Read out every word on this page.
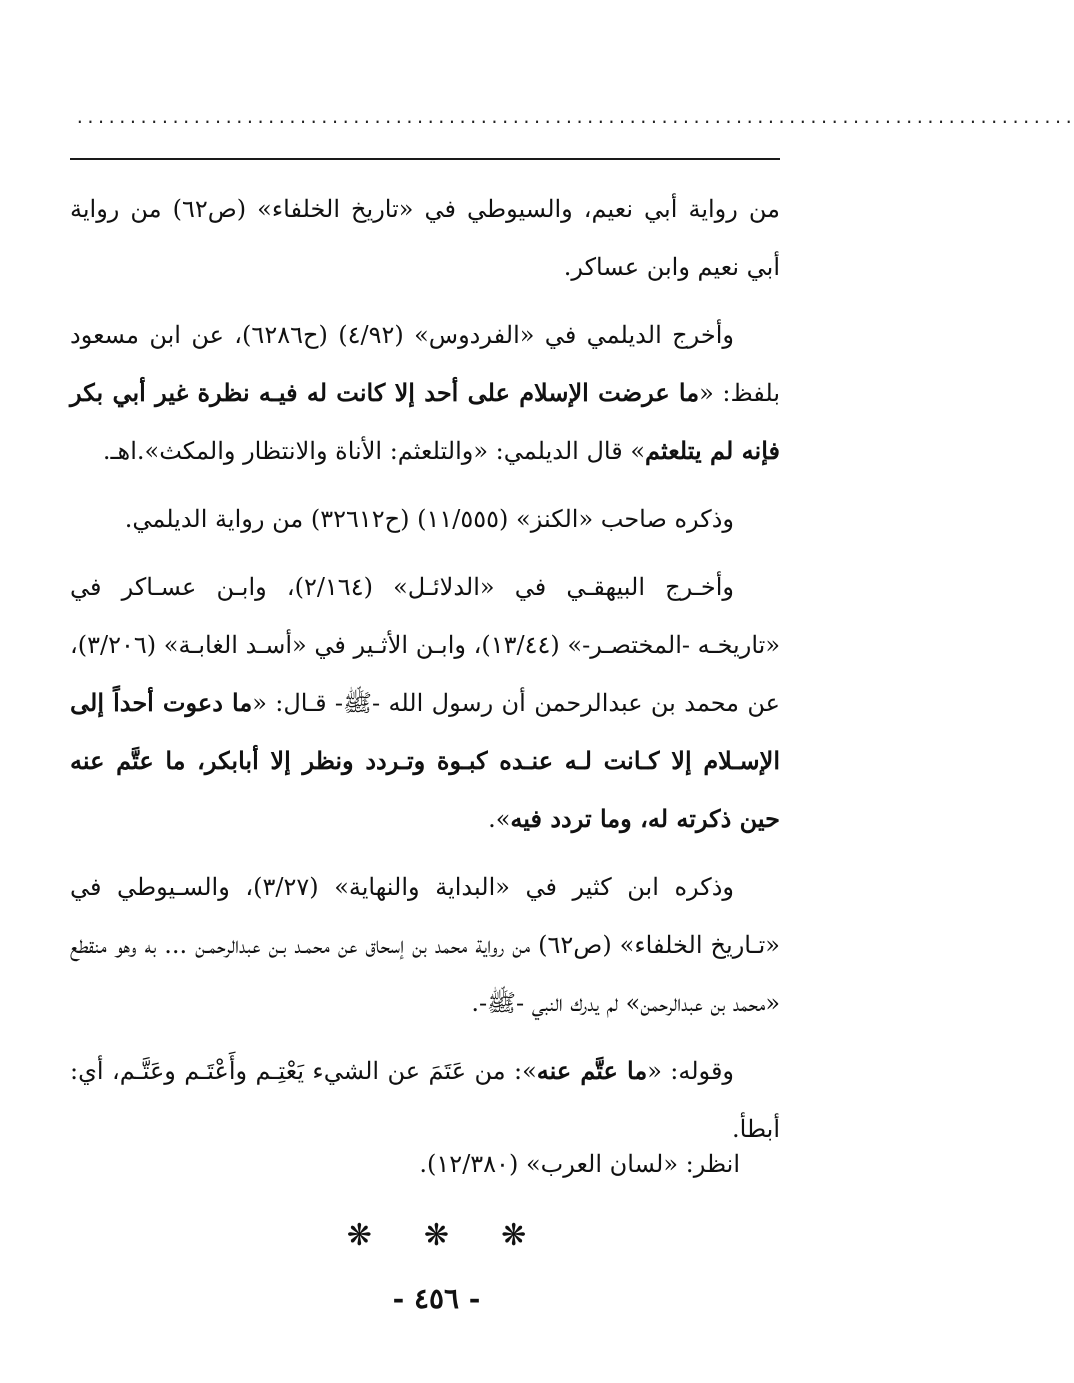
..............................................................................................

من رواية أبي نعيم، والسيوطي في «تاريخ الخلفاء» (ص٦٢) من رواية أبي نعيم وابن عساكر.

وأخرج الديلمي في «الفردوس» (٤/٩٢) (ح٦٢٨٦)، عن ابن مسعود بلفظ: «ما عرضت الإسلام على أحد إلا كانت له فيـه نظرة غير أبي بكر فإنه لم يتلعثم» قال الديلمي: «والتلعثم: الأناة والانتظار والمكث».اهـ.

وذكره صاحب «الكنز» (١١/٥٥٥) (ح٣٢٦١٢) من رواية الديلمي.

وأخـرج البيهقـي في «الدلائـل» (٢/١٦٤)، وابـن عسـاكر في «تاريخـه -المختصـر-» (١٣/٤٤)، وابـن الأثـير في «أسـد الغابـة» (٣/٢٠٦)، عن محمد بن عبدالرحمن أن رسول الله -ﷺ- قـال: «ما دعوت أحداً إلى الإسـلام إلا كـانت لـه عنـده كبـوة وتـردد ونظر إلا أبابكر، ما عتَّم عنه حين ذكرته له، وما تردد فيه».

وذكره ابن كثير في «البداية والنهاية» (٣/٢٧)، والسـيوطي في «تـاريخ الخلفاء» (ص٦٢) من رواية محمد بن إسحاق عن محمـد بـن عبدالرحمـن ... به وهو منقطع «محمد بن عبدالرحمن» لم يدرك النبي -ﷺ-.

وقوله: «ما عتَّم عنه»: من عَتَمَ عن الشيء يَعْتِـم وأَعْتَـم وعَتَّـم، أي: أبطأ.

انظر: «لسان العرب» (١٢/٣٨٠).
❋ ❋ ❋
- ٤٥٦ -
